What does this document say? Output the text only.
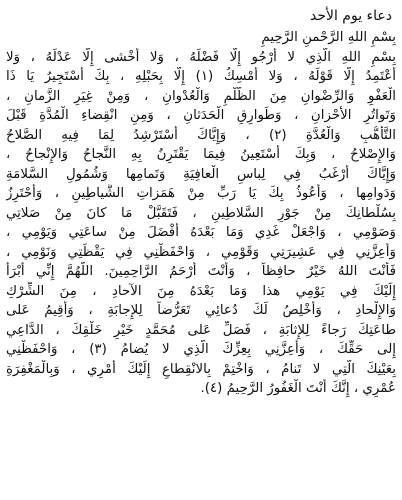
دعاء يوم الأحد
بِسْمِ اللهِ الرَّحْمنِ الرَّحِيمِ
بِسْمِ اللهِ الَّذِي لا أَرْجُو إِلَّا فَضْلَهُ ، وَلا أَخْشى إِلَّا عَدْلَهُ ، وَلا
أَعْتَمِدُ إِلَّا قَوْلَهُ ، وَلا أُمْسِكُ (١) إِلَّا بِحَبْلِهِ ، بِكَ أَسْتَجِيرُ يَا ذَا
الْعَفْوِ وَالرِّضْوانِ مِنَ الظُّلْمِ وَالْعُدْوانِ ، وَمِنْ غِيَرِ الزَّمانِ ،
وَتَواتُرِ الأَحْزانِ ، وَطَوارِقِ الْحَدَثانِ ، وَمِنِ انْقِضاءِ الْمُدَّةِ قَبْلَ
التَّأَهُّبِ وَالْعُدَّةِ (٢) ، وَإِيَّاكَ أَسْتَرْشِدُ لِمَا فِيهِ الصَّلاحُ
وَالإِصْلاحُ ، وَبِكَ أَسْتَعِينُ فِيمَا يَقْتَرِنُ بِهِ النَّجاحُ وَالإِنْجاحُ ،
وَإِيَّاكَ أَرْغَبُ فِي لِباسِ الْعافِيَةِ وَتَمامِها وَشُمُولِ السَّلامَةِ
وَدَوامِها ، وَأَعُوذُ بِكَ يَا رَبِّ مِنْ هَمَزاتِ الشَّياطِينِ ، وَأَحْتَرِزُ
بِسُلْطانِكَ مِنْ جَوْرِ السَّلاطِينِ ، فَتَقَبَّلْ مَا كانَ مِنْ صَلاتِي
وَصَوْمِي ، وَاجْعَلْ غَدِي وَمَا بَعْدَهُ أَفْضَلَ مِنْ ساعَتِي وَيَوْمِي ،
وَأَعِزَّنِي فِي عَشِيرَتِي وَقَوْمِي ، وَاحْفَظْنِي فِي يَقْظَتِي وَنَوْمِي ،
فَأَنْتَ اللهُ خَيْرٌ حافِظاً ، وَأَنْتَ أَرْحَمُ الرَّاحِمِينَ. اللّهُمَّ إِنِّي أَبْرَأُ
إِلَيْكَ فِي يَوْمِي هذا وَمَا بَعْدَهُ مِنَ الآحادِ ، مِنَ الشِّرْكِ
وَالإِلْحادِ ، وَأُخْلِصُ لَكَ دُعائِي تَعَرُّضاً لِلإِجابَةِ ، وَأُقِيمُ عَلى
طاعَتِكَ رَجاءً لِلإِثابَةِ ، فَصَلِّ عَلى مُحَمَّدٍ خَيْرِ خَلْقِكَ ، الدَّاعِي
إِلى حَقِّكَ ، وَأَعِزَّنِي بِعِزِّكَ الَّذِي لا يُضامُ (٣) ، وَاحْفَظْنِي
بِعَيْنِكَ الَّتِي لا تَنامُ ، وَاخْتِمْ بِالانْقِطاعِ إِلَيْكَ أَمْرِي ، وَبِالْمَغْفِرَةِ
عُمْرِي ، إِنَّكَ أَنْتَ الْغَفُورُ الرَّحِيمُ (٤).
